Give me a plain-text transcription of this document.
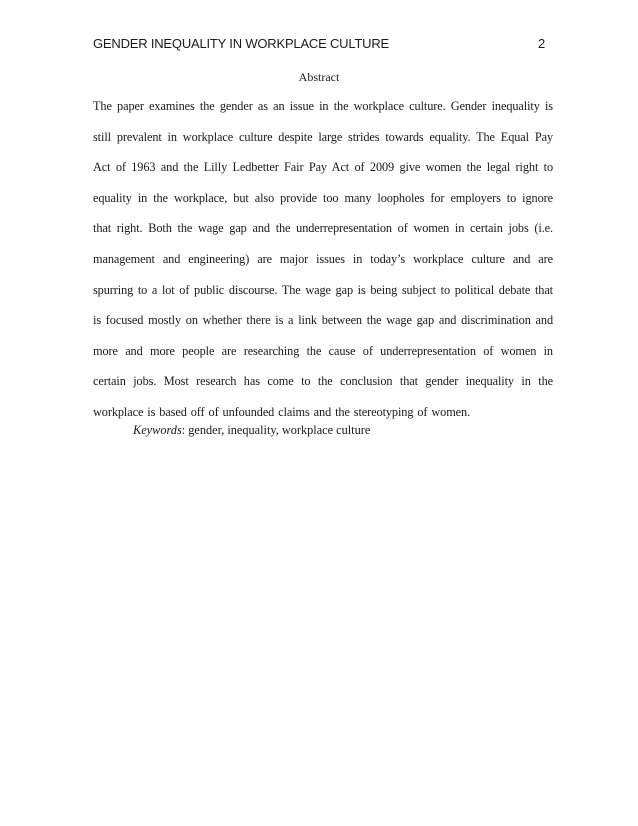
GENDER INEQUALITY IN WORKPLACE CULTURE	2
Abstract
The paper examines the gender as an issue in the workplace culture. Gender inequality is
still prevalent in workplace culture despite large strides towards equality. The Equal Pay
Act of 1963 and the Lilly Ledbetter Fair Pay Act of 2009 give women the legal right to
equality in the workplace, but also provide too many loopholes for employers to ignore
that right. Both the wage gap and the underrepresentation of women in certain jobs (i.e.
management and engineering) are major issues in today’s workplace culture and are
spurring to a lot of public discourse. The wage gap is being subject to political debate that
is focused mostly on whether there is a link between the wage gap and discrimination and
more and more people are researching the cause of underrepresentation of women in
certain jobs. Most research has come to the conclusion that gender inequality in the
workplace is based off of unfounded claims and the stereotyping of women.
Keywords: gender, inequality, workplace culture
